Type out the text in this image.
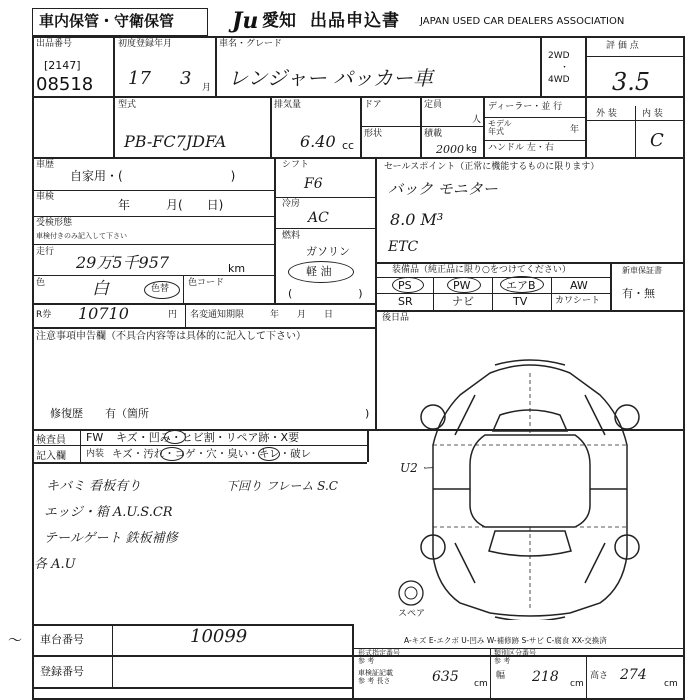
車内保管・守衛保管	Ju 愛知 出品申込書 JAPAN USED CAR DEALERS ASSOCIATION
出品番号
[2147]
08518
初度登録年月
17 3 月
車名・グレード
レンジャー パッカー車
2WD
・
4WD
評 価 点
3.5
型式
PB-FC7JDFA
排気量
6.40 cc
ドア
形状
定員
人
積載
2000 kg
ディーラー・並 行
モデル
年式	年
ハンドル 左・右
外 装	内 装
C
車歴
自家用・(　　　　　　　　　)
車検
年　　　月(　　日)
受検形態
車検付きのみ記入して下さい
走行
29万5千957	km
色	白	色替
色コード
R券 10710	円 名変通知期限	年　　月　　日
注意事項申告欄（不具合内容等は具体的に記入して下さい）
修復歴　　有（箇所	)
シフト
F6
冷房
AC
燃料
ガソリン
軽 油
(　　　　　　)
セールスポイント（正常に機能するものに限ります）
バック モニター
8.0 M³
ETC
装備品（純正品に限り○をつけてください）
PS	PW	エアB	AW
SR	ナビ	TV	カワシート
新車保証書
有・無
後日品
検査員
記入欄
FW キズ・凹み・ヒビ割・リペア跡・X要
内装 キズ・汚れ・コゲ・穴・臭い・キレ・破レ
キバミ 看板有り	下回り フレーム S.C
エッジ・箱 A.U.S.CR
テールゲート 鉄板補修
各 A.U
U2 ー
スペア
A-キズ E-エクボ U-凹み W-補修跡 S-サビ C-腐食 XX-交換済
～ 車台番号	10099
登録番号
形式指定番号
参 考
類別区分番号
参 考
車検証記載
参 考 長さ	635 cm
幅 218 cm
高さ 274
cm
